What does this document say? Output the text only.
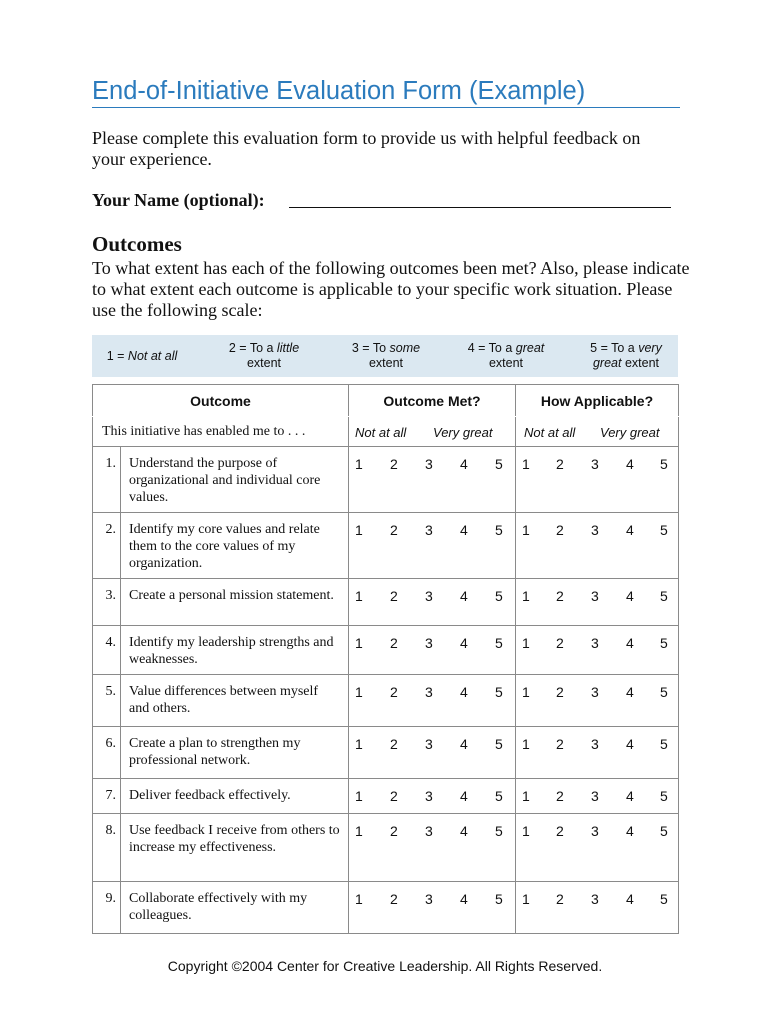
End-of-Initiative Evaluation Form (Example)
Please complete this evaluation form to provide us with helpful feedback on your experience.
Your Name (optional):
Outcomes
To what extent has each of the following outcomes been met? Also, please indicate to what extent each outcome is applicable to your specific work situation. Please use the following scale:
1 = Not at all
2 = To a little
extent
3 = To some
extent
4 = To a great
extent
5 = To a very
great extent
Outcome		Outcome Met?	How Applicable?
This initiative has enabled me to . . .		Not at all Very great	Not at all Very great

1.	Understand the purpose of organizational and individual core values.	1 2 3 4 5	1 2 3 4 5

2.	Identify my core values and relate them to the core values of my organization.	1 2 3 4 5	1 2 3 4 5

3.	Create a personal mission statement.	1 2 3 4 5	1 2 3 4 5

4.	Identify my leadership strengths and weaknesses.	1 2 3 4 5	1 2 3 4 5

5.	Value differences between myself and others.	1 2 3 4 5	1 2 3 4 5

6.	Create a plan to strengthen my professional network.	1 2 3 4 5	1 2 3 4 5

7.	Deliver feedback effectively.	1 2 3 4 5	1 2 3 4 5

8.	Use feedback I receive from others to increase my effectiveness.	1 2 3 4 5	1 2 3 4 5

9.	Collaborate effectively with my colleagues.	1 2 3 4 5	1 2 3 4 5
Copyright ©2004 Center for Creative Leadership. All Rights Reserved.
